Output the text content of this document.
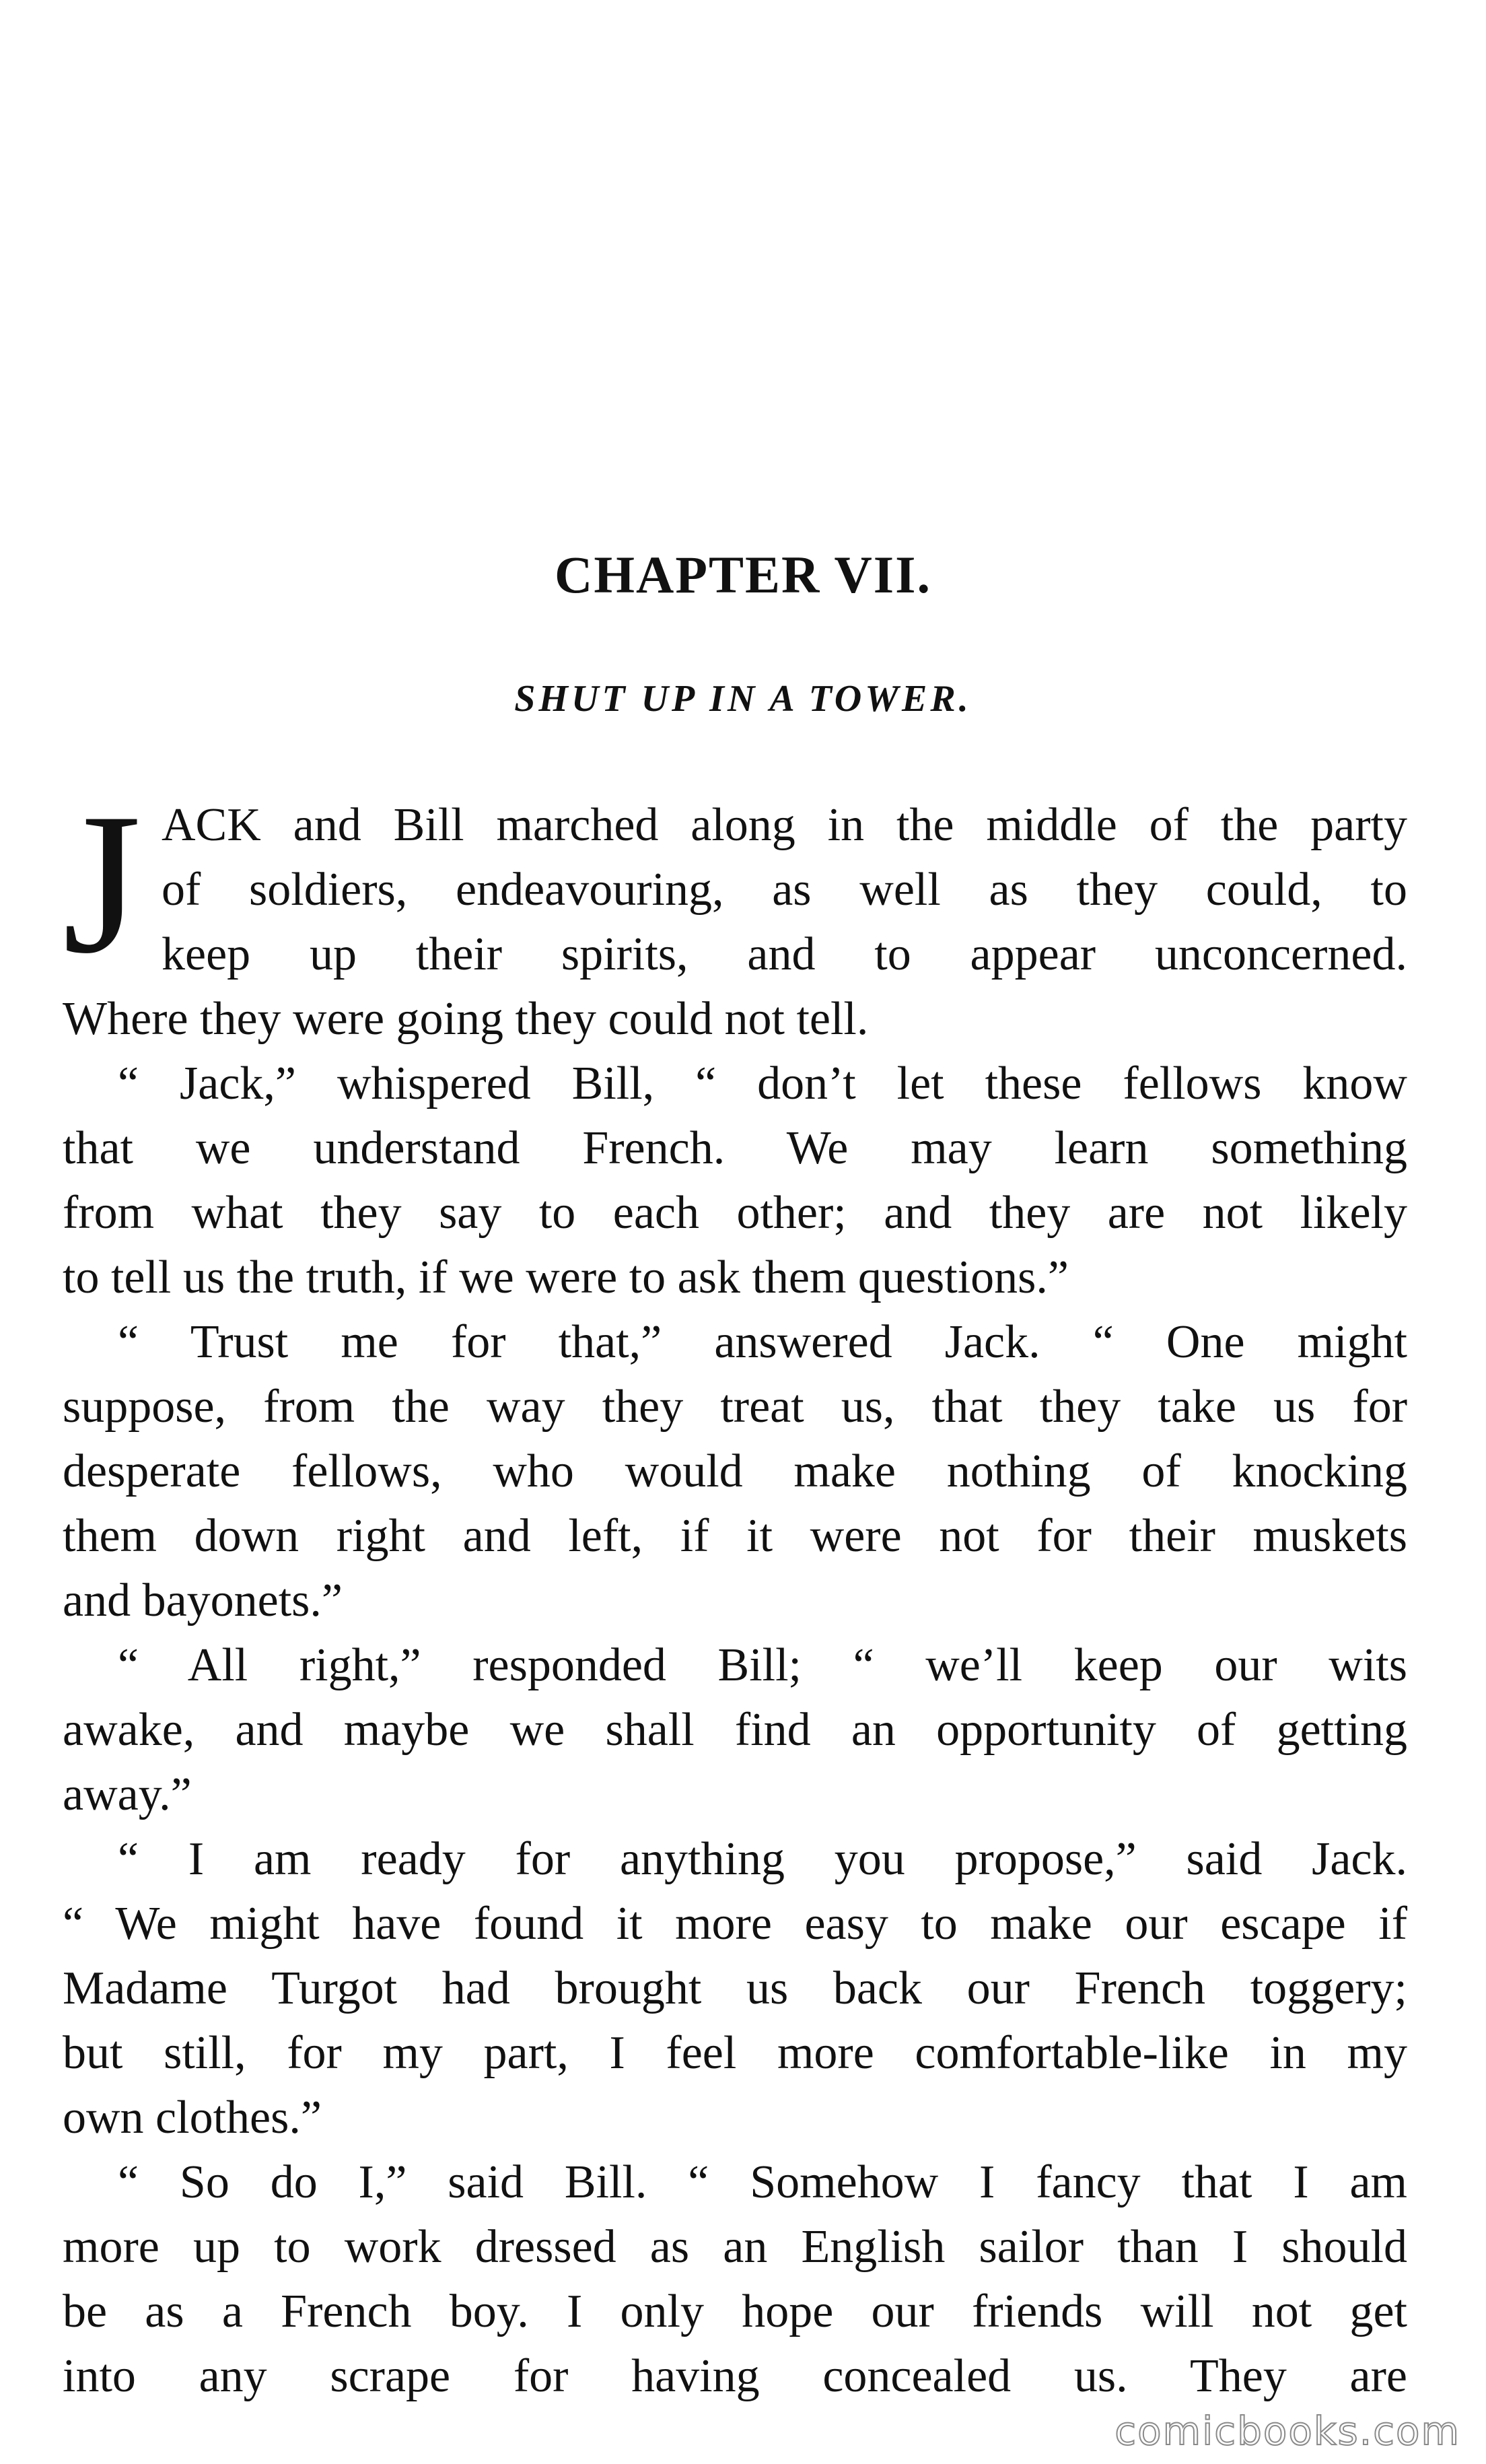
CHAPTER VII.
SHUT UP IN A TOWER.
J ACK and Bill marched along in the middle of the party
of soldiers, endeavouring, as well as they could, to
keep up their spirits, and to appear unconcerned.
Where they were going they could not tell.
“ Jack,” whispered Bill, “ don’t let these fellows know
that we understand French. We may learn something
from what they say to each other; and they are not likely
to tell us the truth, if we were to ask them questions.”
“ Trust me for that,” answered Jack. “ One might
suppose, from the way they treat us, that they take us for
desperate fellows, who would make nothing of knocking
them down right and left, if it were not for their muskets
and bayonets.”
“ All right,” responded Bill; “ we’ll keep our wits
awake, and maybe we shall find an opportunity of getting
away.”
“ I am ready for anything you propose,” said Jack.
“ We might have found it more easy to make our escape if
Madame Turgot had brought us back our French toggery;
but still, for my part, I feel more comfortable-like in my
own clothes.”
“ So do I,” said Bill. “ Somehow I fancy that I am
more up to work dressed as an English sailor than I should
be as a French boy. I only hope our friends will not get
into any scrape for having concealed us. They are
comicbooks.com
